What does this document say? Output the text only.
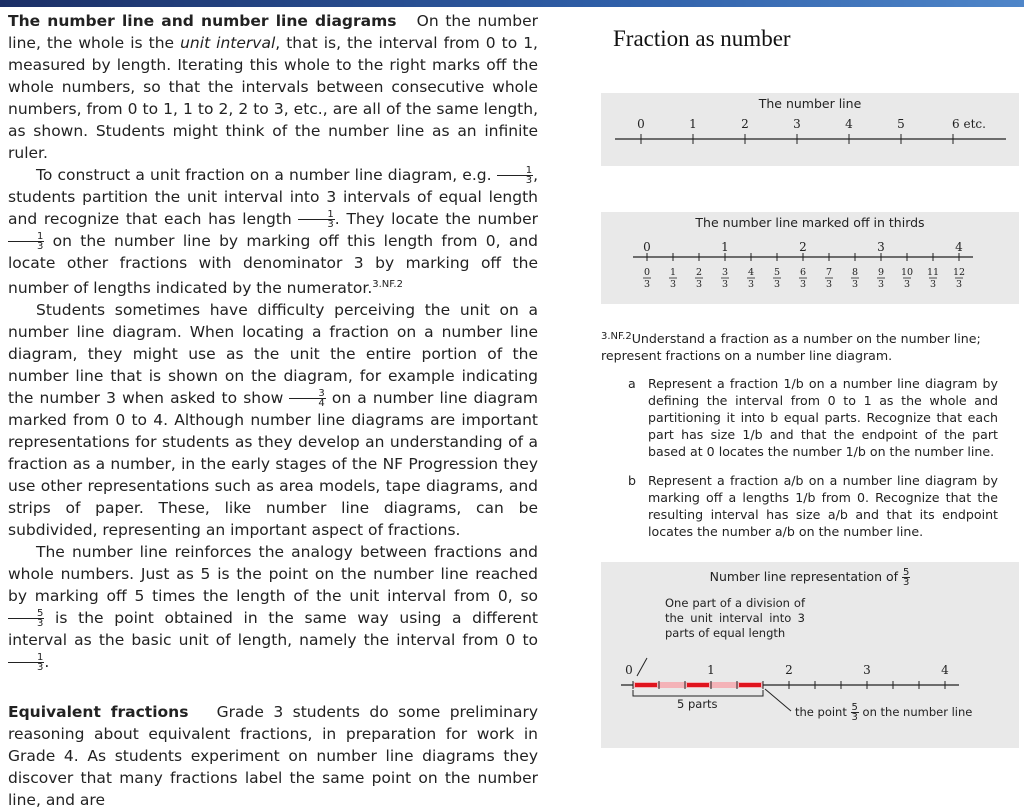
The number line and number line diagrams On the number line, the whole is the unit interval, that is, the interval from 0 to 1, measured by length. Iterating this whole to the right marks off the whole numbers, so that the intervals between consecutive whole numbers, from 0 to 1, 1 to 2, 2 to 3, etc., are all of the same length, as shown. Students might think of the number line as an infinite ruler.

To construct a unit fraction on a number line diagram, e.g. $\frac{1}{3}$ , students partition the unit interval into 3 intervals of equal length and recognize that each has length $\frac{1}{3}$ . They locate the number
$\frac{1}{3}$ on the number line by marking off this length from 0, and locate other fractions with denominator 3 by marking off the number of lengths indicated by the numerator.$^{3.NF.2}$

Students sometimes have difficulty perceiving the unit on a number line diagram. When locating a fraction on a number line diagram, they might use as the unit the entire portion of the number line that is shown on the diagram, for example indicating the number 3 when asked to show $\frac{3}{4}$ on a number line diagram marked from 0 to 4. Although number line diagrams are important representations for students as they develop an understanding of a fraction as a number, in the early stages of the NF Progression they use other representations such as area models, tape diagrams, and strips of paper. These, like number line diagrams, can be subdivided, representing an important aspect of fractions.

The number line reinforces the analogy between fractions and whole numbers. Just as 5 is the point on the number line reached by marking off 5 times the length of the unit interval from 0, so
$\frac{5}{3}$ is the point obtained in the same way using a different interval as the basic unit of length, namely the interval from 0 to
$\frac{1}{3}$ .

Equivalent fractions Grade 3 students do some preliminary reasoning about equivalent fractions, in preparation for work in Grade 4. As students experiment on number line diagrams they discover that many fractions label the same point on the number line, and are

Fraction as number
The number line
0	1	2	3	4	5	6 etc.
The number line marked off in thirds
0	1	2	3	4
0
3
1
3
2
3
3
3
4
3
5
3
6
3
7
3
8
3
9
3
10
3
11
3
12
3
$^{3.NF.2}$Understand a fraction as a number on the number line; represent fractions on a number line diagram.
a Represent a fraction 1/b on a number line diagram by defining the interval from 0 to 1 as the whole and partitioning it into b equal parts. Recognize that each part has size 1/b and that the endpoint of the part based at 0 locates the number 1/b on the number line.
b Represent a fraction a/b on a number line diagram by marking off a lengths 1/b from 0. Recognize that the resulting interval has size a/b and that its endpoint locates the number a/b on the number line.
Number line representation of $\frac{5}{3}$
One part of a division of the unit interval into 3 parts of equal length
0	1	2	3	4
5 parts
the point $\frac{5}{3}$ on the number line
